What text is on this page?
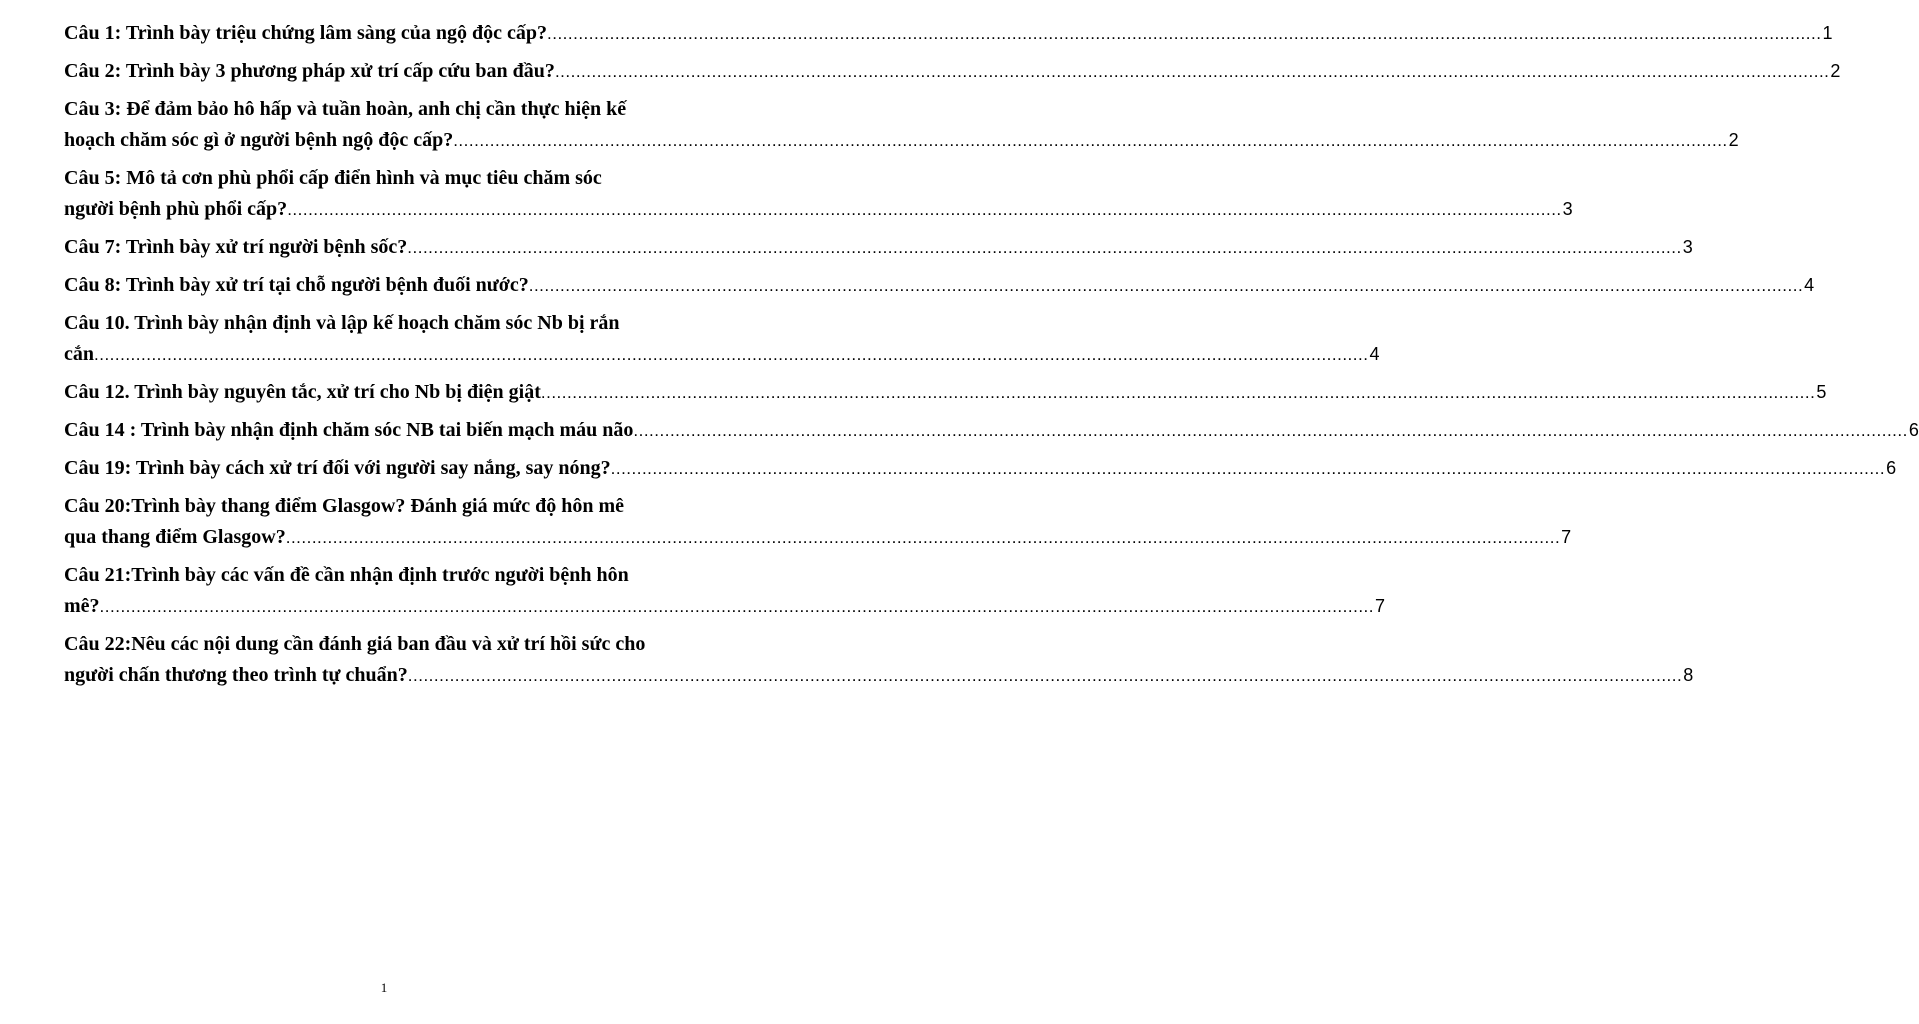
Câu 1: Trình bày triệu chứng lâm sàng của ngộ độc cấp? .....	1
Câu 2: Trình bày 3 phương pháp xử trí cấp cứu ban đầu? .....	2
Câu 3: Để đảm bảo hô hấp và tuần hoàn, anh chị cần thực hiện kế
hoạch chăm sóc gì ở người bệnh ngộ độc cấp? .....	2
Câu 5: Mô tả cơn phù phổi cấp điển hình và mục tiêu chăm sóc
người bệnh phù phổi cấp? .....	3
Câu 7: Trình bày xử trí người bệnh sốc? .....	3
Câu 8: Trình bày xử trí tại chỗ người bệnh đuối nước? .....	4
Câu 10. Trình bày nhận định và lập kế hoạch chăm sóc Nb bị rắn
cắn .....	4
Câu 12. Trình bày nguyên tắc, xử trí cho Nb bị điện giật .....	5
Câu 14 : Trình bày nhận định chăm sóc NB tai biến mạch máu não .....	6
Câu 19: Trình bày cách xử trí đối với người say nắng, say nóng? .....	6
Câu 20:Trình bày thang điểm Glasgow? Đánh giá mức độ hôn mê
qua thang điểm Glasgow? .....	7
Câu 21:Trình bày các vấn đề cần nhận định trước người bệnh hôn
mê? .....	7
Câu 22:Nêu các nội dung cần đánh giá ban đầu và xử trí hồi sức cho
người chấn thương theo trình tự chuẩn? .....	8
1
